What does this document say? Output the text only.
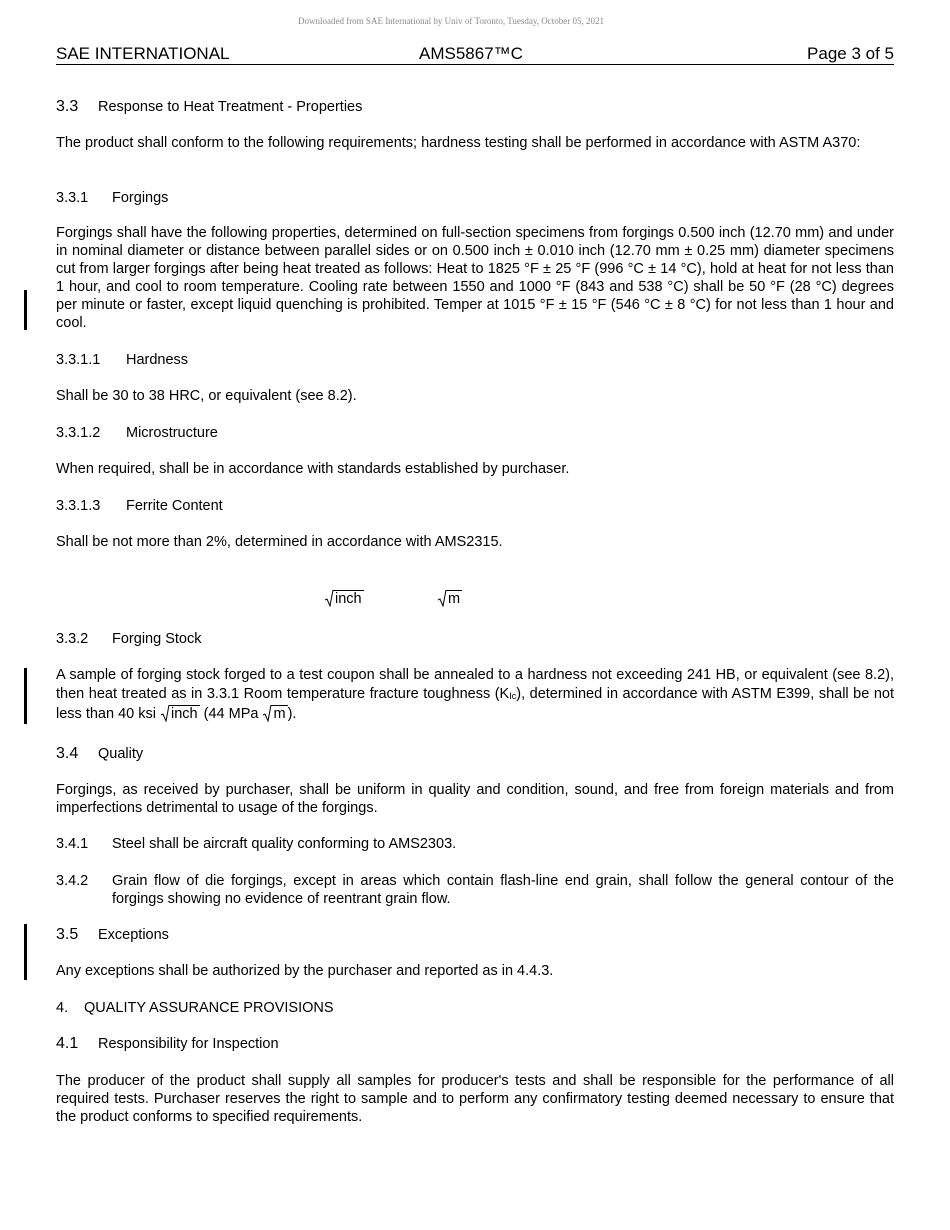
Downloaded from SAE International by Univ of Toronto, Tuesday, October 05, 2021
SAE INTERNATIONAL	AMS5867™C	Page 3 of 5
3.3 Response to Heat Treatment - Properties
The product shall conform to the following requirements; hardness testing shall be performed in accordance with ASTM A370:
3.3.1 Forgings
Forgings shall have the following properties, determined on full-section specimens from forgings 0.500 inch (12.70 mm) and under in nominal diameter or distance between parallel sides or on 0.500 inch ± 0.010 inch (12.70 mm ± 0.25 mm) diameter specimens cut from larger forgings after being heat treated as follows: Heat to 1825 °F ± 25 °F (996 °C ± 14 °C), hold at heat for not less than 1 hour, and cool to room temperature. Cooling rate between 1550 and 1000 °F (843 and 538 °C) shall be 50 °F (28 °C) degrees per minute or faster, except liquid quenching is prohibited. Temper at 1015 °F ± 15 °F (546 °C ± 8 °C) for not less than 1 hour and cool.
3.3.1.1 Hardness
Shall be 30 to 38 HRC, or equivalent (see 8.2).
3.3.1.2 Microstructure
When required, shall be in accordance with standards established by purchaser.
3.3.1.3 Ferrite Content
Shall be not more than 2%, determined in accordance with AMS2315.
inch	m
3.3.2 Forging Stock
A sample of forging stock forged to a test coupon shall be annealed to a hardness not exceeding 241 HB, or equivalent (see 8.2), then heat treated as in 3.3.1 Room temperature fracture toughness $(K_{Ic})$, determined in accordance with ASTM E399, shall be not less than 40 ksi inch (44 MPa m ).
3.4 Quality
Forgings, as received by purchaser, shall be uniform in quality and condition, sound, and free from foreign materials and from imperfections detrimental to usage of the forgings.
3.4.1 Steel shall be aircraft quality conforming to AMS2303.
3.4.2 Grain flow of die forgings, except in areas which contain flash-line end grain, shall follow the general contour of the forgings showing no evidence of reentrant grain flow.
3.5 Exceptions
Any exceptions shall be authorized by the purchaser and reported as in 4.4.3.
4. QUALITY ASSURANCE PROVISIONS
4.1 Responsibility for Inspection
The producer of the product shall supply all samples for producer's tests and shall be responsible for the performance of all required tests. Purchaser reserves the right to sample and to perform any confirmatory testing deemed necessary to ensure that the product conforms to specified requirements.
